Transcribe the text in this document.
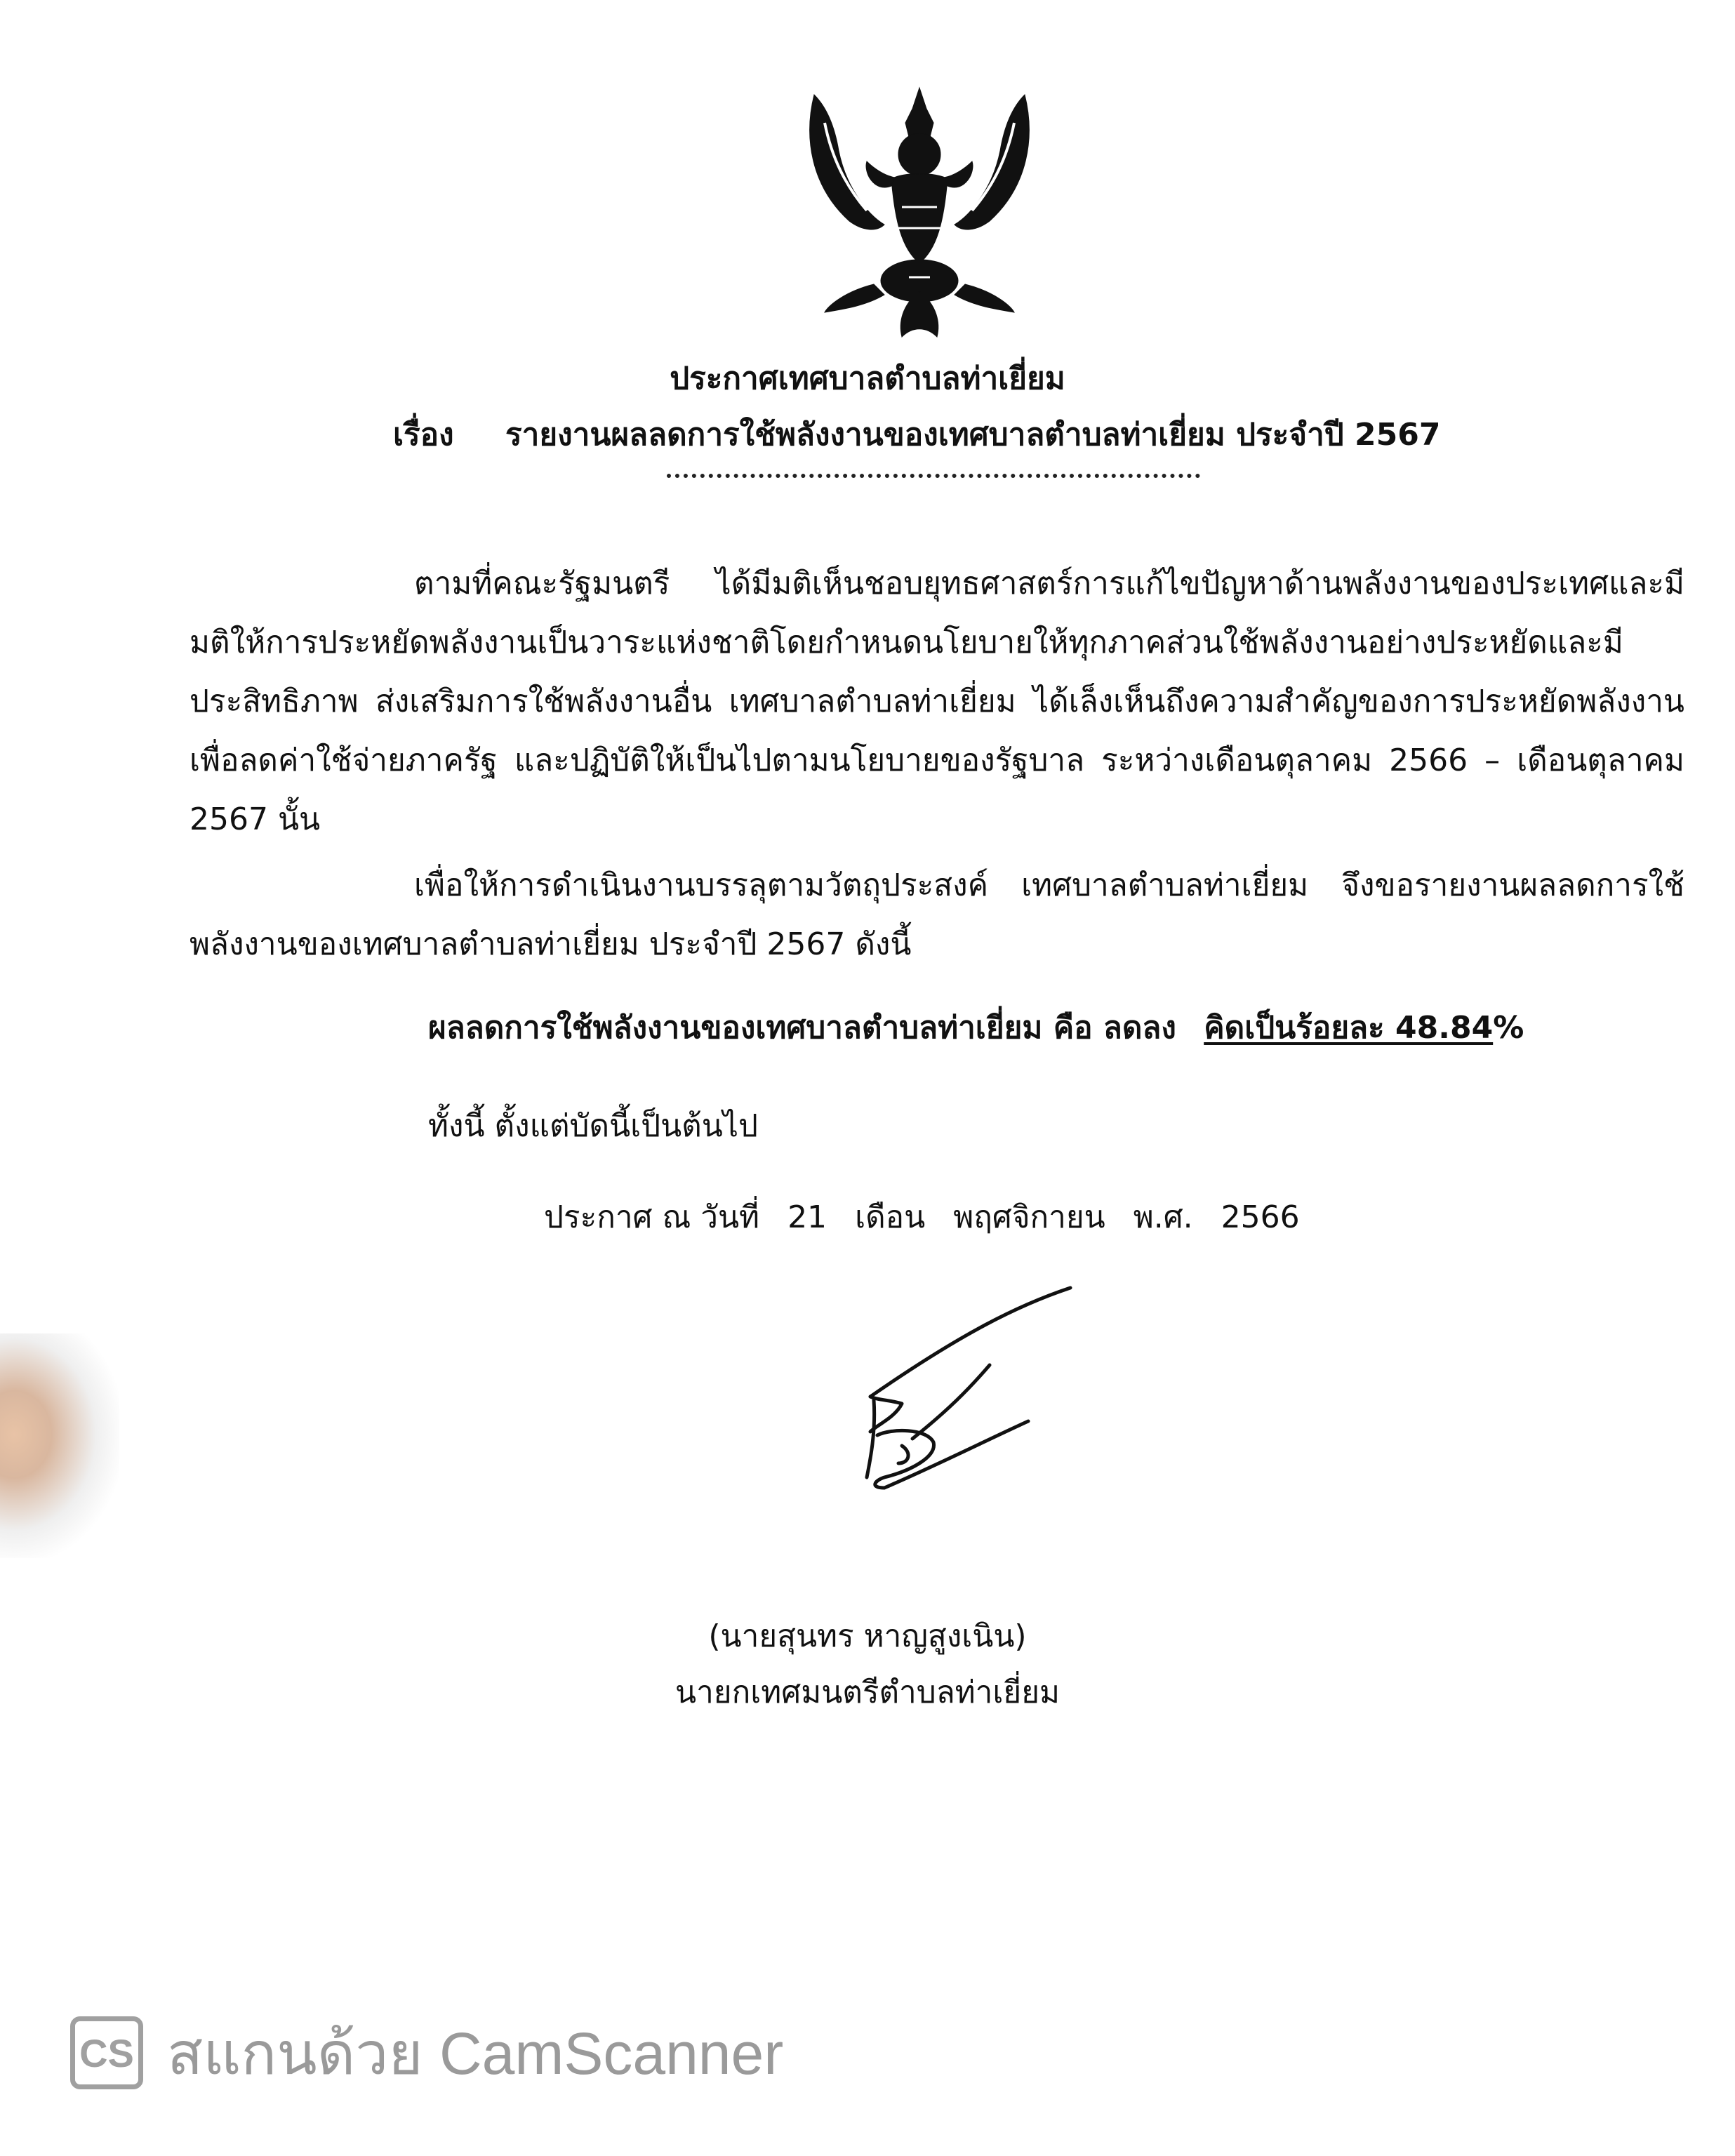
ประกาศเทศบาลตำบลท่าเยี่ยม
เรื่อง รายงานผลลดการใช้พลังงานของเทศบาลตำบลท่าเยี่ยม ประจำปี 2567
ตามที่คณะรัฐมนตรี ได้มีมติเห็นชอบยุทธศาสตร์การแก้ไขปัญหาด้านพลังงานของประเทศและมีมติให้การประหยัดพลังงานเป็นวาระแห่งชาติโดยกำหนดนโยบายให้ทุกภาคส่วนใช้พลังงานอย่างประหยัดและมีประสิทธิภาพ ส่งเสริมการใช้พลังงานอื่น เทศบาลตำบลท่าเยี่ยม ได้เล็งเห็นถึงความสำคัญของการประหยัดพลังงานเพื่อลดค่าใช้จ่ายภาครัฐ และปฏิบัติให้เป็นไปตามนโยบายของรัฐบาล ระหว่างเดือนตุลาคม 2566 – เดือนตุลาคม 2567 นั้น
เพื่อให้การดำเนินงานบรรลุตามวัตถุประสงค์ เทศบาลตำบลท่าเยี่ยม จึงขอรายงานผลลดการใช้พลังงานของเทศบาลตำบลท่าเยี่ยม ประจำปี 2567 ดังนี้
ผลลดการใช้พลังงานของเทศบาลตำบลท่าเยี่ยม คือ ลดลง คิดเป็นร้อยละ 48.84%
ทั้งนี้ ตั้งแต่บัดนี้เป็นต้นไป
ประกาศ ณ วันที่ 21 เดือน พฤศจิกายน พ.ศ. 2566
(นายสุนทร หาญสูงเนิน)
นายกเทศมนตรีตำบลท่าเยี่ยม
CS สแกนด้วย CamScanner
